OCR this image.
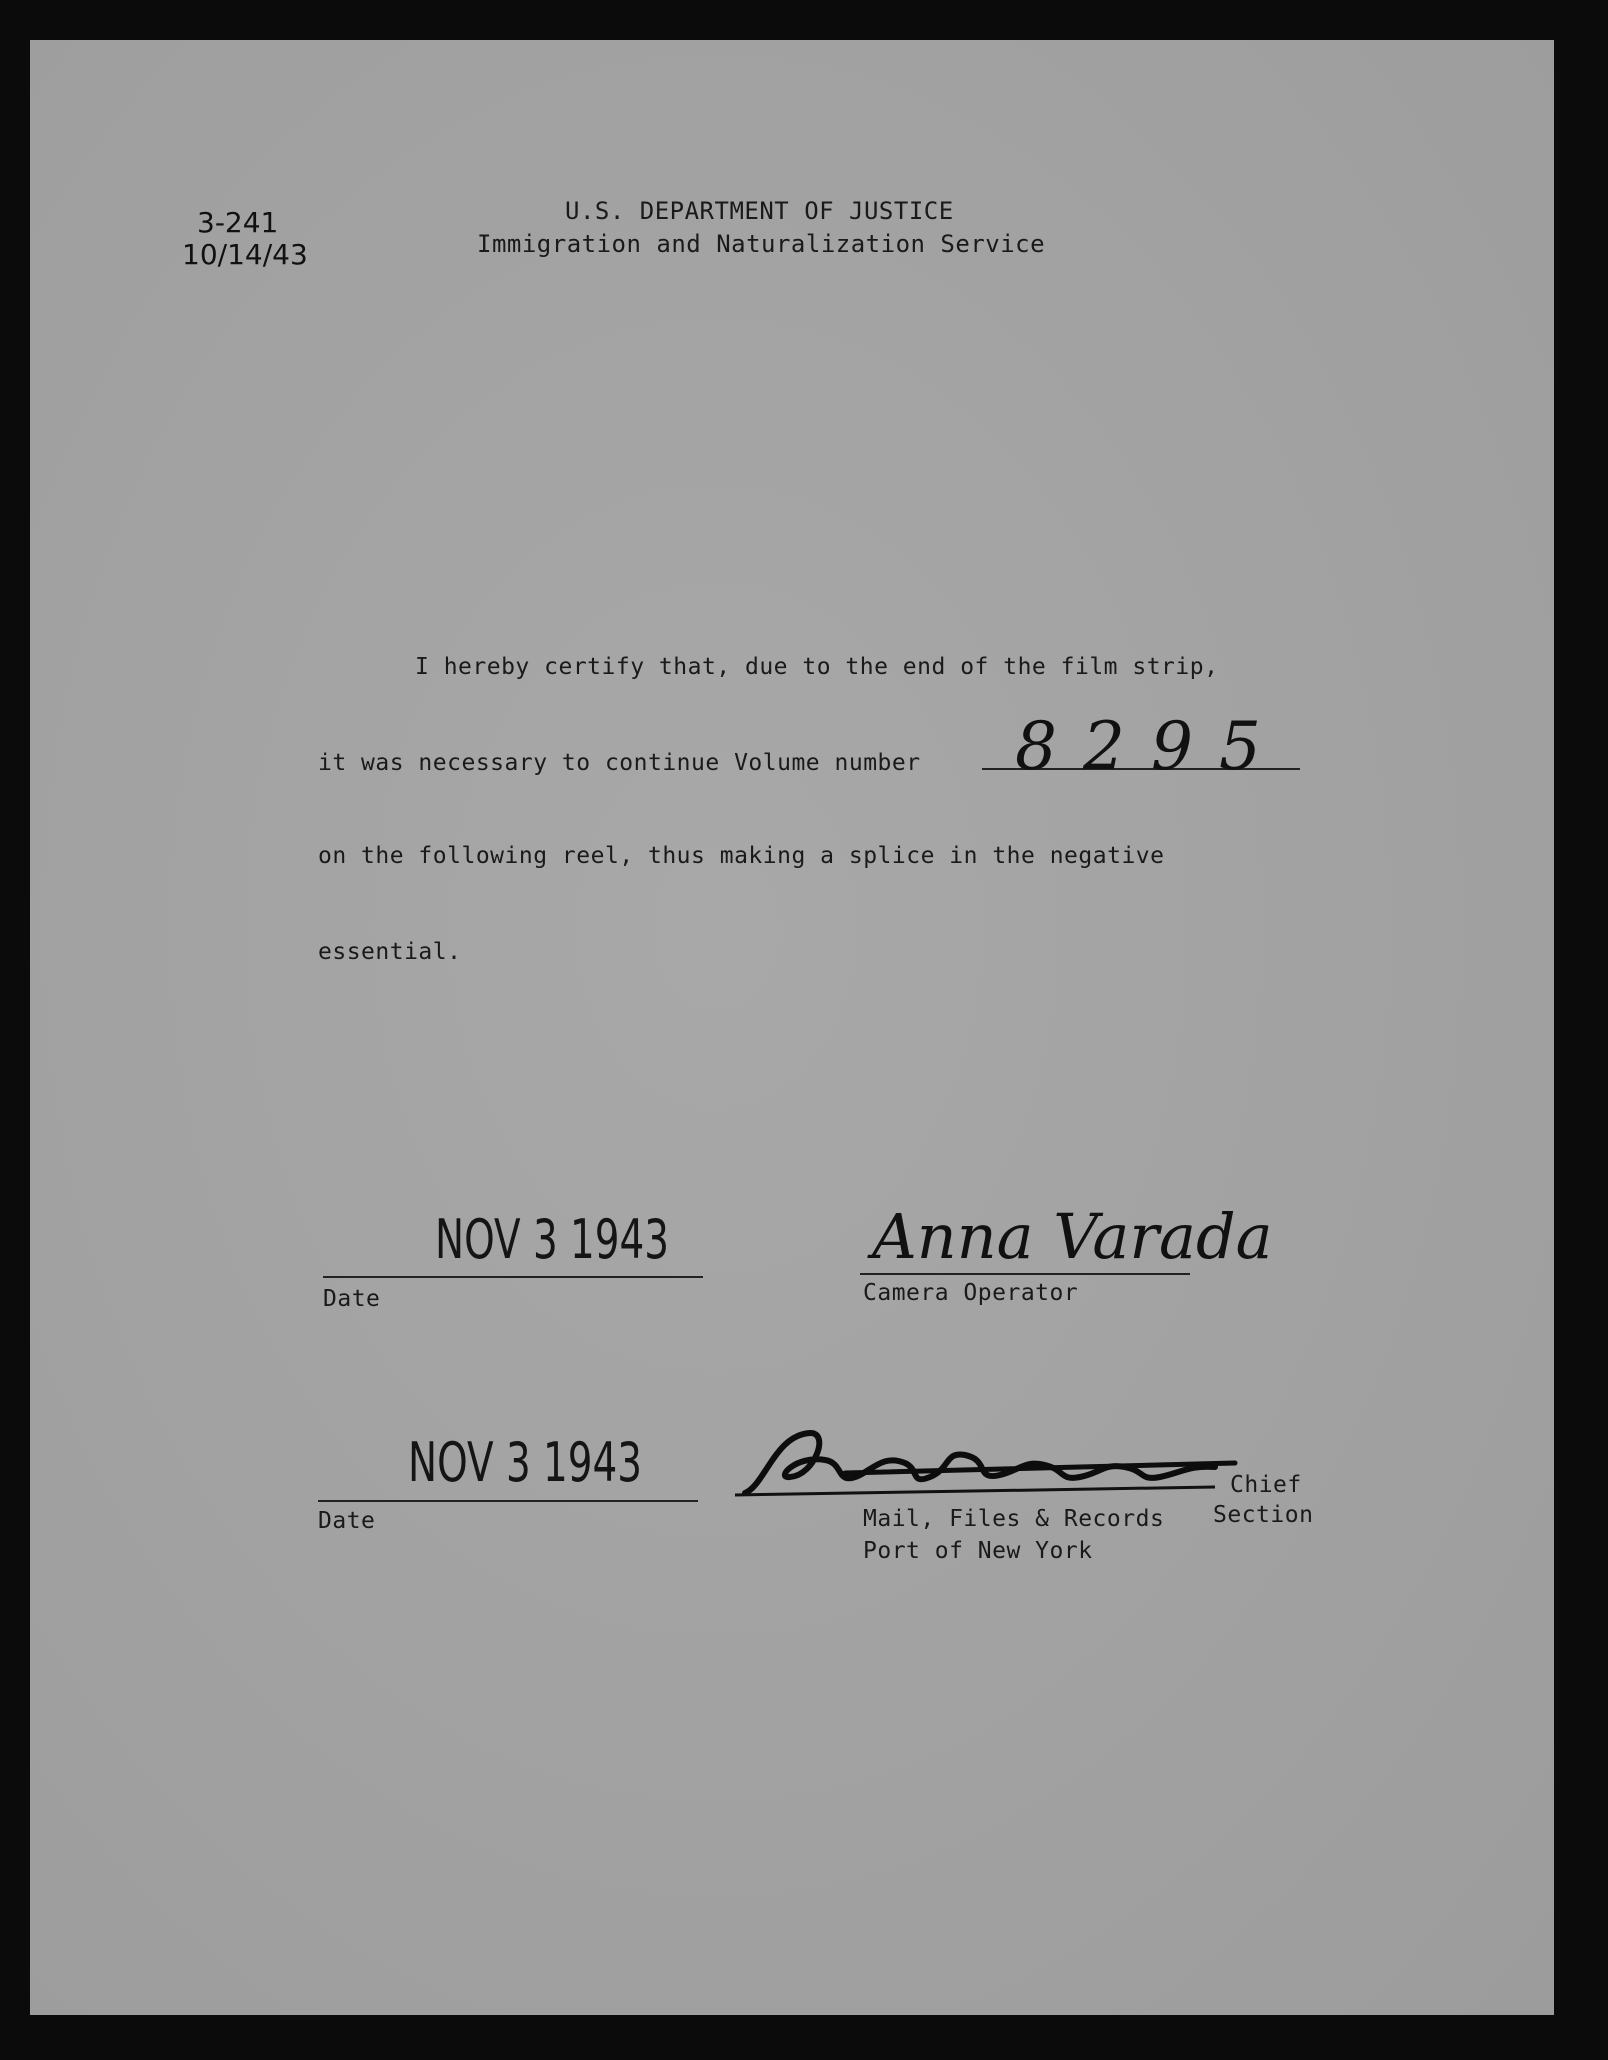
3-241
10/14/43
U.S. DEPARTMENT OF JUSTICE
Immigration and Naturalization Service
I hereby certify that, due to the end of the film strip,
it was necessary to continue Volume number 8295
on the following reel, thus making a splice in the negative
essential.
NOV 3 1943
Date
Anna Varada
Camera Operator
NOV 3 1943
Date
Chief
Mail, Files & Records Section
Port of New York
